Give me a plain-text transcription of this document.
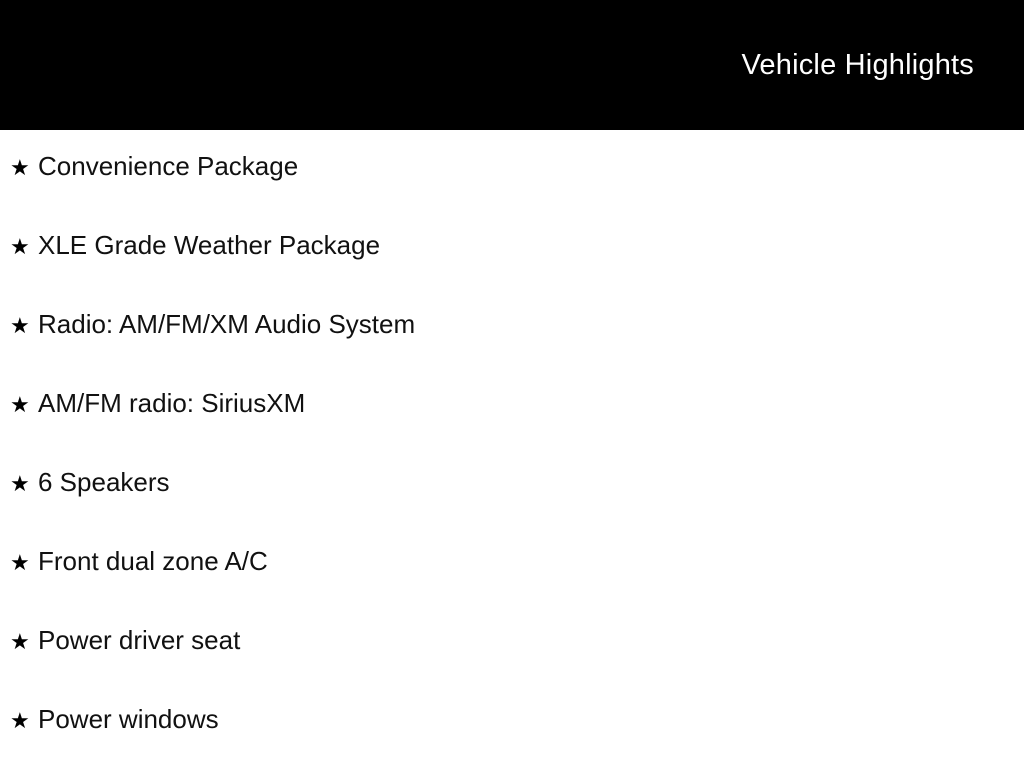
Vehicle Highlights
★ Convenience Package
★ XLE Grade Weather Package
★ Radio: AM/FM/XM Audio System
★ AM/FM radio: SiriusXM
★ 6 Speakers
★ Front dual zone A/C
★ Power driver seat
★ Power windows
